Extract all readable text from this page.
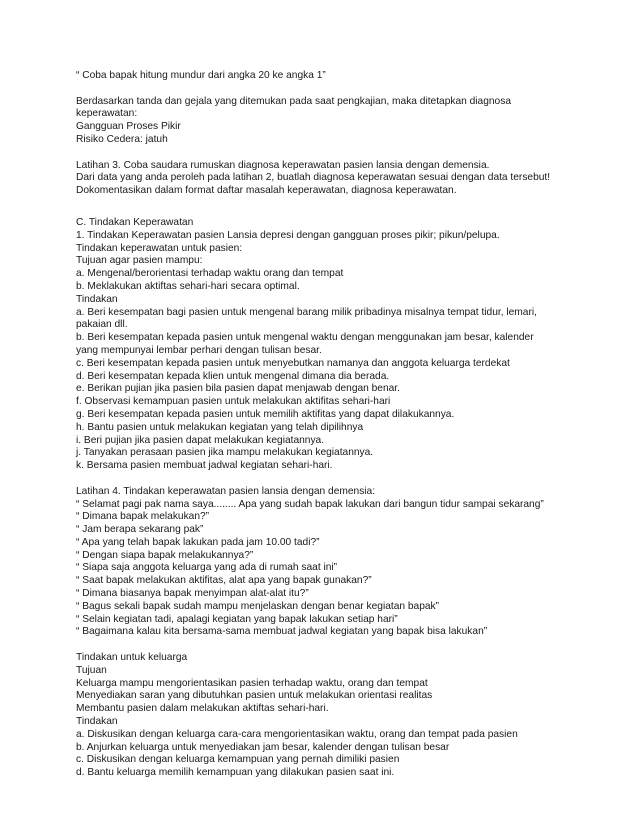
“ Coba bapak hitung mundur dari angka 20 ke angka 1”
Berdasarkan tanda dan gejala yang ditemukan pada saat pengkajian, maka ditetapkan diagnosa
keperawatan:
Gangguan Proses Pikir
Risiko Cedera: jatuh
Latihan 3. Coba saudara rumuskan diagnosa keperawatan pasien lansia dengan demensia.
Dari data yang anda peroleh pada latihan 2, buatlah diagnosa keperawatan sesuai dengan data tersebut!
Dokomentasikan dalam format daftar masalah keperawatan, diagnosa keperawatan.
C. Tindakan Keperawatan
1. Tindakan Keperawatan pasien Lansia depresi dengan gangguan proses pikir; pikun/pelupa.
Tindakan keperawatan untuk pasien:
Tujuan agar pasien mampu:
a. Mengenal/berorientasi terhadap waktu orang dan tempat
b. Meklakukan aktiftas sehari-hari secara optimal.
Tindakan
a. Beri kesempatan bagi pasien untuk mengenal barang milik pribadinya misalnya tempat tidur, lemari,
pakaian dll.
b. Beri kesempatan kepada pasien untuk mengenal waktu dengan menggunakan jam besar, kalender
yang mempunyai lembar perhari dengan tulisan besar.
c. Beri kesempatan kepada pasien untuk menyebutkan namanya dan anggota keluarga terdekat
d. Beri kesempatan kepada klien untuk mengenal dimana dia berada.
e. Berikan pujian jika pasien bila pasien dapat menjawab dengan benar.
f. Observasi kemampuan pasien untuk melakukan aktifitas sehari-hari
g. Beri kesempatan kepada pasien untuk memilih aktifitas yang dapat dilakukannya.
h. Bantu pasien untuk melakukan kegiatan yang telah dipilihnya
i. Beri pujian jika pasien dapat melakukan kegiatannya.
j. Tanyakan perasaan pasien jika mampu melakukan kegiatannya.
k. Bersama pasien membuat jadwal kegiatan sehari-hari.
Latihan 4. Tindakan keperawatan pasien lansia dengan demensia:
“ Selamat pagi pak nama saya........ Apa yang sudah bapak lakukan dari bangun tidur sampai sekarang”
“ Dimana bapak melakukan?”
“ Jam berapa sekarang pak”
“ Apa yang telah bapak lakukan pada jam 10.00 tadi?”
“ Dengan siapa bapak melakukannya?”
“ Siapa saja anggota keluarga yang ada di rumah saat ini”
“ Saat bapak melakukan aktifitas, alat apa yang bapak gunakan?”
“ Dimana biasanya bapak menyimpan alat-alat itu?”
“ Bagus sekali bapak sudah mampu menjelaskan dengan benar kegiatan bapak”
“ Selain kegiatan tadi, apalagi kegiatan yang bapak lakukan setiap hari”
“ Bagaimana kalau kita bersama-sama membuat jadwal kegiatan yang bapak bisa lakukan”
Tindakan untuk keluarga
Tujuan
Keluarga mampu mengorientasikan pasien terhadap waktu, orang dan tempat
Menyediakan saran yang dibutuhkan pasien untuk melakukan orientasi realitas
Membantu pasien dalam melakukan aktiftas sehari-hari.
Tindakan
a. Diskusikan dengan keluarga cara-cara mengorientasikan waktu, orang dan tempat pada pasien
b. Anjurkan keluarga untuk menyediakan jam besar, kalender dengan tulisan besar
c. Diskusikan dengan keluarga kemampuan yang pernah dimiliki pasien
d. Bantu keluarga memilih kemampuan yang dilakukan pasien saat ini.
